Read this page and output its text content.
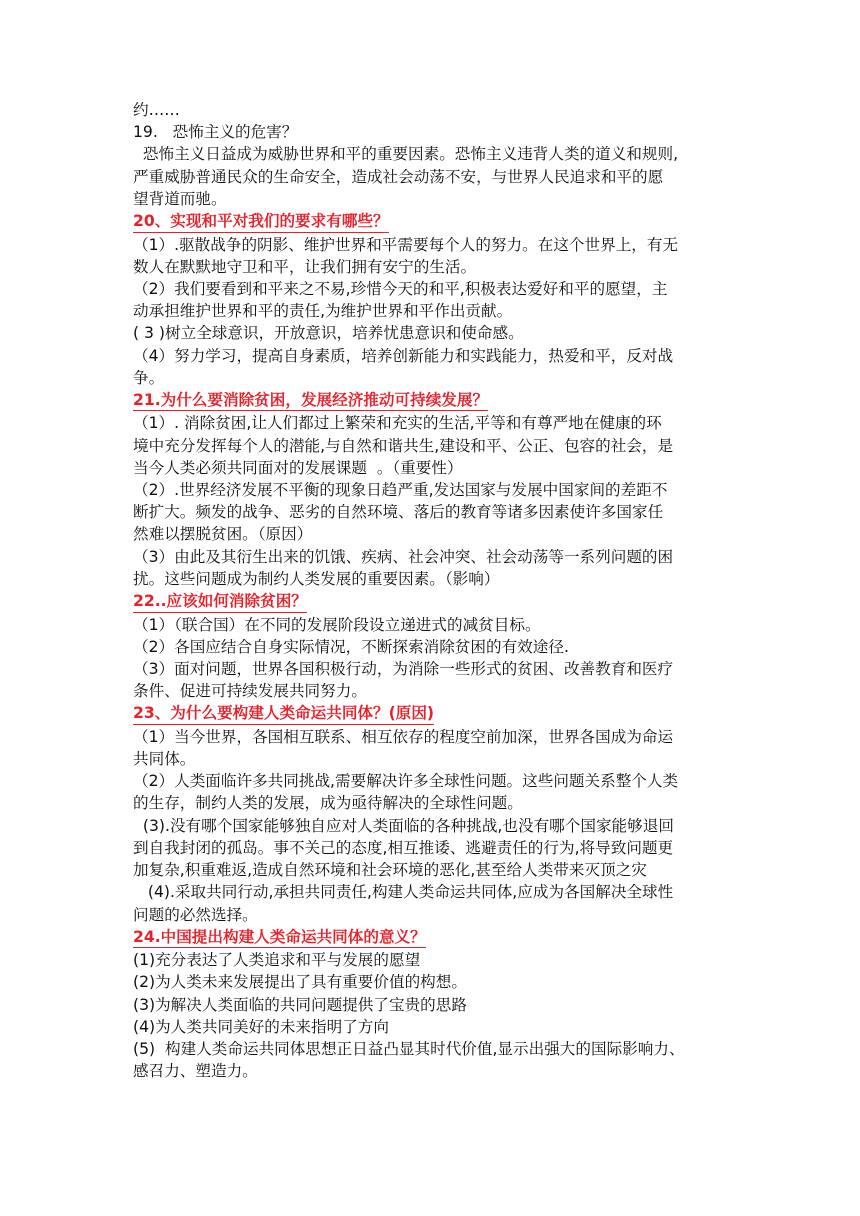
约……
19.   恐怖主义的危害？
恐怖主义日益成为威胁世界和平的重要因素。恐怖主义违背人类的道义和规则,
严重威胁普通民众的生命安全，造成社会动荡不安，与世界人民追求和平的愿
望背道而驰。
20、实现和平对我们的要求有哪些？
（1）.驱散战争的阴影、维护世界和平需要每个人的努力。在这个世界上，有无
数人在默默地守卫和平，让我们拥有安宁的生活。
（2）我们要看到和平来之不易,珍惜今天的和平,积极表达爱好和平的愿望，主
动承担维护世界和平的责任,为维护世界和平作出贡献。
( 3 )树立全球意识，开放意识，培养忧患意识和使命感。
（4）努力学习，提高自身素质，培养创新能力和实践能力，热爱和平，反对战
争。
21.为什么要消除贫困，发展经济推动可持续发展？
（1）. 消除贫困,让人们都过上繁荣和充实的生活,平等和有尊严地在健康的环
境中充分发挥每个人的潜能,与自然和谐共生,建设和平、公正、包容的社会，是
当今人类必须共同面对的发展课题  。（重要性）
（2）.世界经济发展不平衡的现象日趋严重,发达国家与发展中国家间的差距不
断扩大。频发的战争、恶劣的自然环境、落后的教育等诸多因素使许多国家任
然难以摆脱贫困。（原因）
（3）由此及其衍生出来的饥饿、疾病、社会冲突、社会动荡等一系列问题的困
扰。这些问题成为制约人类发展的重要因素。（影响）
22..应该如何消除贫困？
（1）（联合国）在不同的发展阶段设立递进式的减贫目标。
（2）各国应结合自身实际情况，不断探索消除贫困的有效途径.
（3）面对问题，世界各国积极行动，为消除一些形式的贫困、改善教育和医疗
条件、促进可持续发展共同努力。
23、为什么要构建人类命运共同体？(原因)
（1）当今世界，各国相互联系、相互依存的程度空前加深，世界各国成为命运
共同体。
（2）人类面临许多共同挑战,需要解决许多全球性问题。这些问题关系整个人类
的生存，制约人类的发展，成为亟待解决的全球性问题。
(3).没有哪个国家能够独自应对人类面临的各种挑战,也没有哪个国家能够退回
到自我封闭的孤岛。事不关己的态度,相互推诿、逃避责任的行为,将导致问题更
加复杂,积重难返,造成自然环境和社会环境的恶化,甚至给人类带来灭顶之灾
(4).采取共同行动,承担共同责任,构建人类命运共同体,应成为各国解决全球性
问题的必然选择。
24.中国提出构建人类命运共同体的意义？
(1)充分表达了人类追求和平与发展的愿望
(2)为人类未来发展提出了具有重要价值的构想。
(3)为解决人类面临的共同问题提供了宝贵的思路
(4)为人类共同美好的未来指明了方向
(5)  构建人类命运共同体思想正日益凸显其时代价值,显示出强大的国际影响力、
感召力、塑造力。
